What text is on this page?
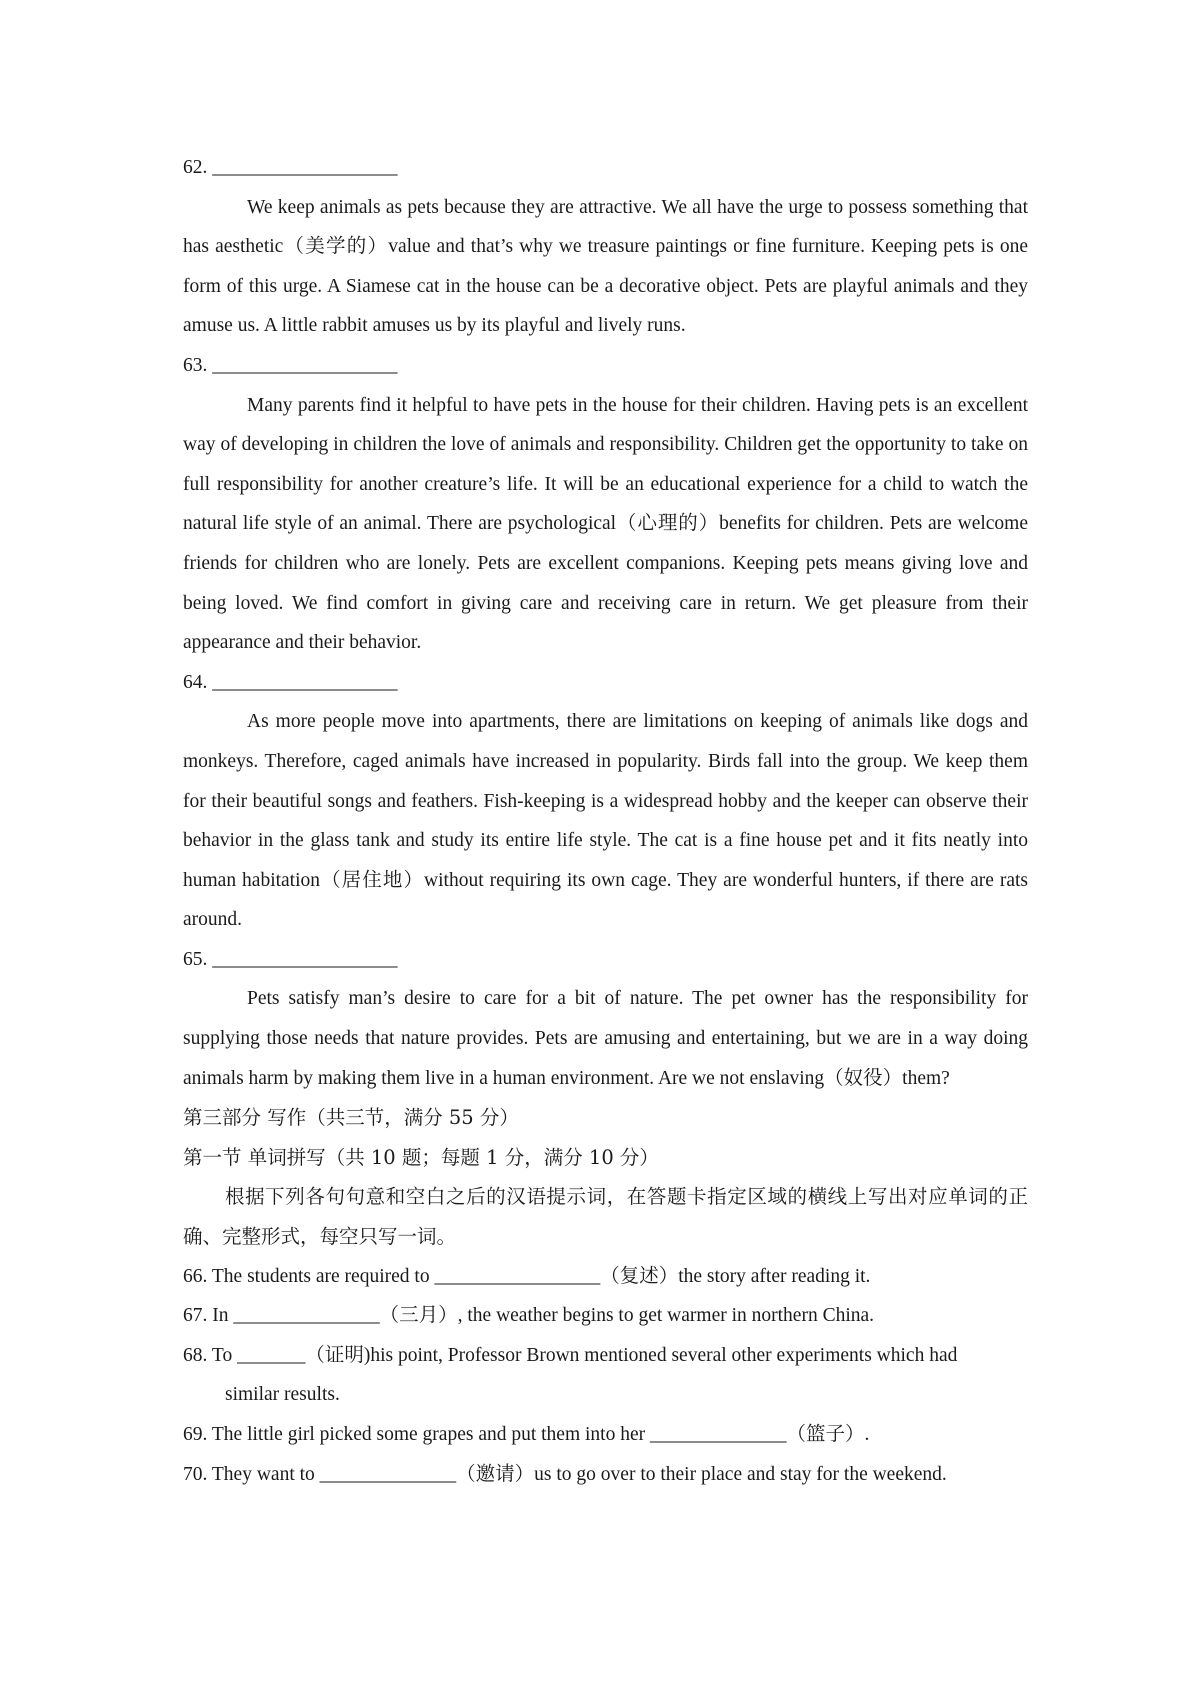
62. ___________________

We keep animals as pets because they are attractive. We all have the urge to possess something that has aesthetic（美学的）value and that’s why we treasure paintings or fine furniture. Keeping pets is one form of this urge. A Siamese cat in the house can be a decorative object. Pets are playful animals and they amuse us. A little rabbit amuses us by its playful and lively runs.

63. ___________________

Many parents find it helpful to have pets in the house for their children. Having pets is an excellent way of developing in children the love of animals and responsibility. Children get the opportunity to take on full responsibility for another creature’s life. It will be an educational experience for a child to watch the natural life style of an animal. There are psychological（心理的）benefits for children. Pets are welcome friends for children who are lonely. Pets are excellent companions. Keeping pets means giving love and being loved. We find comfort in giving care and receiving care in return. We get pleasure from their appearance and their behavior.

64. ___________________

As more people move into apartments, there are limitations on keeping of animals like dogs and monkeys. Therefore, caged animals have increased in popularity. Birds fall into the group. We keep them for their beautiful songs and feathers. Fish-keeping is a widespread hobby and the keeper can observe their behavior in the glass tank and study its entire life style. The cat is a fine house pet and it fits neatly into human habitation（居住地）without requiring its own cage. They are wonderful hunters, if there are rats around.

65. ___________________

Pets satisfy man’s desire to care for a bit of nature. The pet owner has the responsibility for supplying those needs that nature provides. Pets are amusing and entertaining, but we are in a way doing animals harm by making them live in a human environment. Are we not enslaving（奴役）them?

第三部分 写作（共三节，满分 55 分）
第一节 单词拼写（共 10 题；每题 1 分，满分 10 分）

根据下列各句句意和空白之后的汉语提示词，在答题卡指定区域的横线上写出对应单词的正确、完整形式，每空只写一词。

66. The students are required to _________________（复述）the story after reading it.
67. In _______________（三月）, the weather begins to get warmer in northern China.
68. To _______（证明)his point, Professor Brown mentioned several other experiments which had
similar results.
69. The little girl picked some grapes and put them into her ______________（篮子）.
70. They want to ______________（邀请）us to go over to their place and stay for the weekend.
